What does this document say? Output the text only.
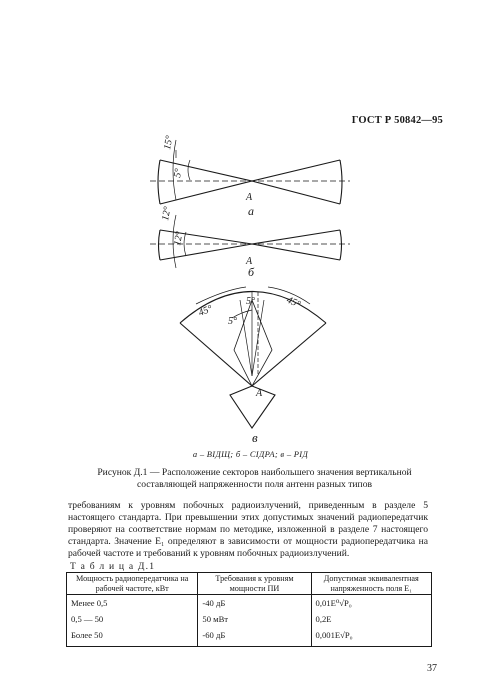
ГОСТ Р 50842—95
15°
5°
A
а
12°
12°
A
б
45°
45°
5°
5°
A
в
а – ВІДЩ; б – СІДРА; в – РІД
Рисунок Д.1 — Расположение секторов наибольшего значения вертикальной
составляющей напряженности поля антенн разных типов
требованиям к уровням побочных радиоизлучений, приведенным в разделе 5 настоящего стандарта. При превышении этих допустимых значений радиопередатчик проверяют на соответствие нормам по методике, изложенной в разделе 7 настоящего стандарта. Значение E₁ определяют в зависимости от мощности радиопередатчика на рабочей частоте и требований к уровням побочных радиоизлучений.
Т а б л и ц а Д.1
Мощность радиопередатчика на рабочей частоте, кВт	Требования к уровням мощности ПИ	Допустимая эквивалентная напряженность поля E₁
Менее 0,5	-40 дБ	0,01E⁰√P₀
0,5 — 50	50 мВт	0,2E
Более 50	-60 дБ	0,001E√P₀
37
